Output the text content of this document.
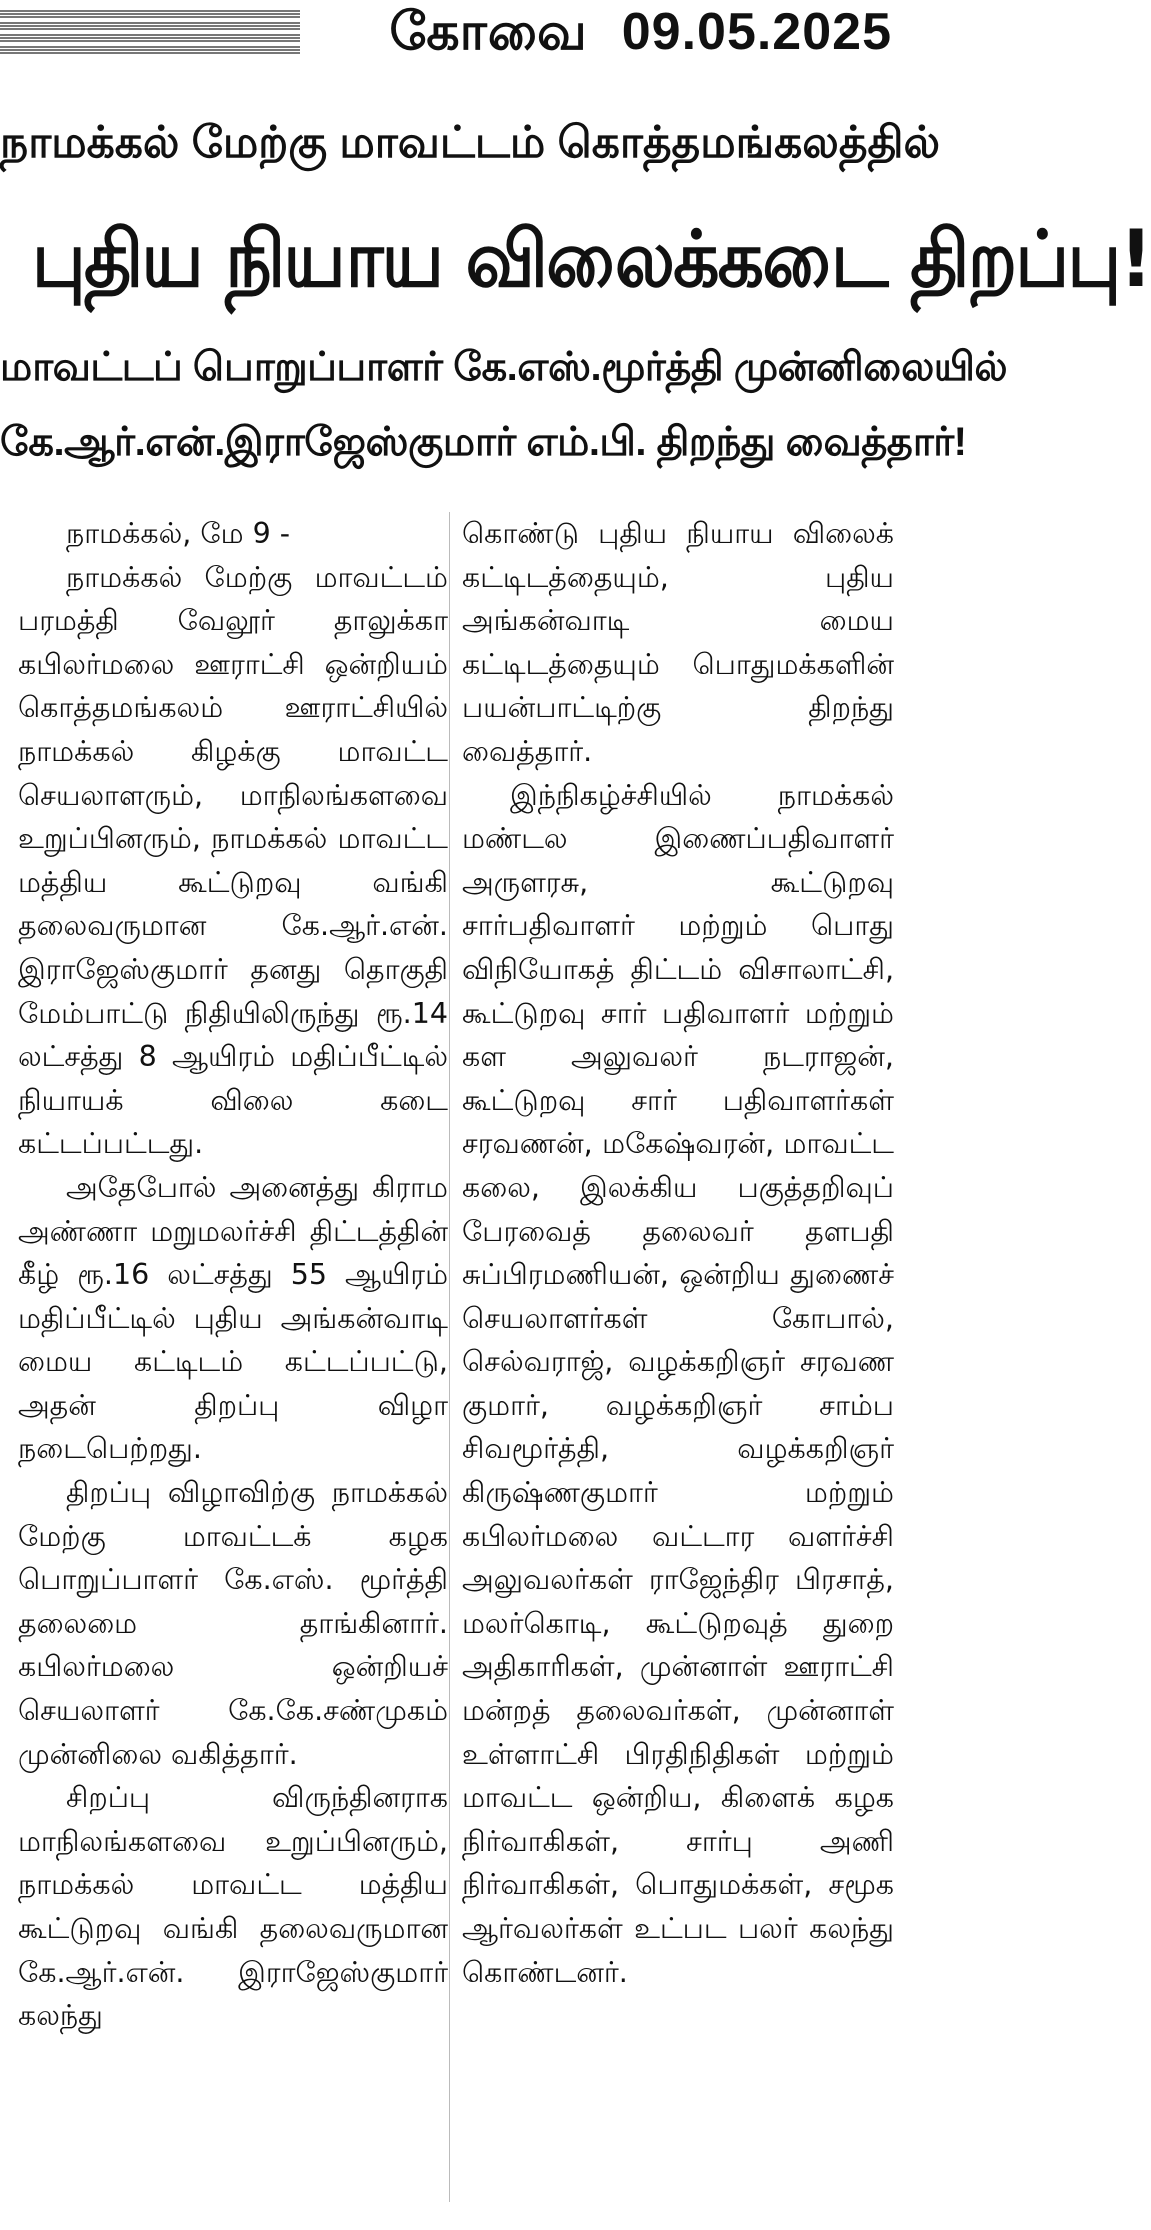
கோவை 09.05.2025
நாமக்கல் மேற்கு மாவட்டம் கொத்தமங்கலத்தில்
புதிய நியாய விலைக்கடை திறப்பு!
மாவட்டப் பொறுப்பாளர் கே.எஸ்.மூர்த்தி முன்னிலையில்
கே.ஆர்.என்.இராஜேஸ்குமார் எம்.பி. திறந்து வைத்தார்!

நாமக்கல், மே 9 -

நாமக்கல் மேற்கு மாவட்டம் பரமத்தி வேலூர் தாலுக்கா கபிலர்மலை ஊராட்சி ஒன்றியம் கொத்தமங்கலம் ஊராட்சியில் நாமக்கல் கிழக்கு மாவட்ட செயலாளரும், மாநிலங்களவை உறுப்பினரும், நாமக்கல் மாவட்ட மத்திய கூட்டுறவு வங்கி தலைவருமான கே.ஆர்.என். இராஜேஸ்குமார் தனது தொகுதி மேம்பாட்டு நிதியிலிருந்து ரூ.14 லட்சத்து 8 ஆயிரம் மதிப்பீட்டில் நியாயக் விலை கடை கட்டப்பட்டது.

அதேபோல் அனைத்து கிராம அண்ணா மறுமலர்ச்சி திட்டத்தின் கீழ் ரூ.16 லட்சத்து 55 ஆயிரம் மதிப்பீட்டில் புதிய அங்கன்வாடி மைய கட்டிடம் கட்டப்பட்டு, அதன் திறப்பு விழா நடைபெற்றது.

திறப்பு விழாவிற்கு நாமக்கல் மேற்கு மாவட்டக் கழக பொறுப்பாளர் கே.எஸ். மூர்த்தி தலைமை தாங்கினார். கபிலர்மலை ஒன்றியச் செயலாளர் கே.கே.சண்முகம் முன்னிலை வகித்தார்.

சிறப்பு விருந்தினராக மாநிலங்களவை உறுப்பினரும், நாமக்கல் மாவட்ட மத்திய கூட்டுறவு வங்கி தலைவருமான கே.ஆர்.என். இராஜேஸ்குமார் கலந்து

கொண்டு புதிய நியாய விலைக் கட்டிடத்தையும், புதிய அங்கன்வாடி மைய கட்டிடத்தையும் பொதுமக்களின் பயன்பாட்டிற்கு திறந்து வைத்தார்.

இந்நிகழ்ச்சியில் நாமக்கல் மண்டல இணைப்பதிவாளர் அருளரசு, கூட்டுறவு சார்பதிவாளர் மற்றும் பொது விநியோகத் திட்டம் விசாலாட்சி, கூட்டுறவு சார் பதிவாளர் மற்றும் கள அலுவலர் நடராஜன், கூட்டுறவு சார் பதிவாளர்கள் சரவணன், மகேஷ்வரன், மாவட்ட கலை, இலக்கிய பகுத்தறிவுப் பேரவைத் தலைவர் தளபதி சுப்பிரமணியன், ஒன்றிய துணைச் செயலாளர்கள் கோபால், செல்வராஜ், வழக்கறிஞர் சரவண குமார், வழக்கறிஞர் சாம்ப சிவமூர்த்தி, வழக்கறிஞர் கிருஷ்ணகுமார் மற்றும் கபிலர்மலை வட்டார வளர்ச்சி அலுவலர்கள் ராஜேந்திர பிரசாத், மலர்கொடி, கூட்டுறவுத் துறை அதிகாரிகள், முன்னாள் ஊராட்சி மன்றத் தலைவர்கள், முன்னாள் உள்ளாட்சி பிரதிநிதிகள் மற்றும் மாவட்ட ஒன்றிய, கிளைக் கழக நிர்வாகிகள், சார்பு அணி நிர்வாகிகள், பொதுமக்கள், சமூக ஆர்வலர்கள் உட்பட பலர் கலந்து கொண்டனர்.
